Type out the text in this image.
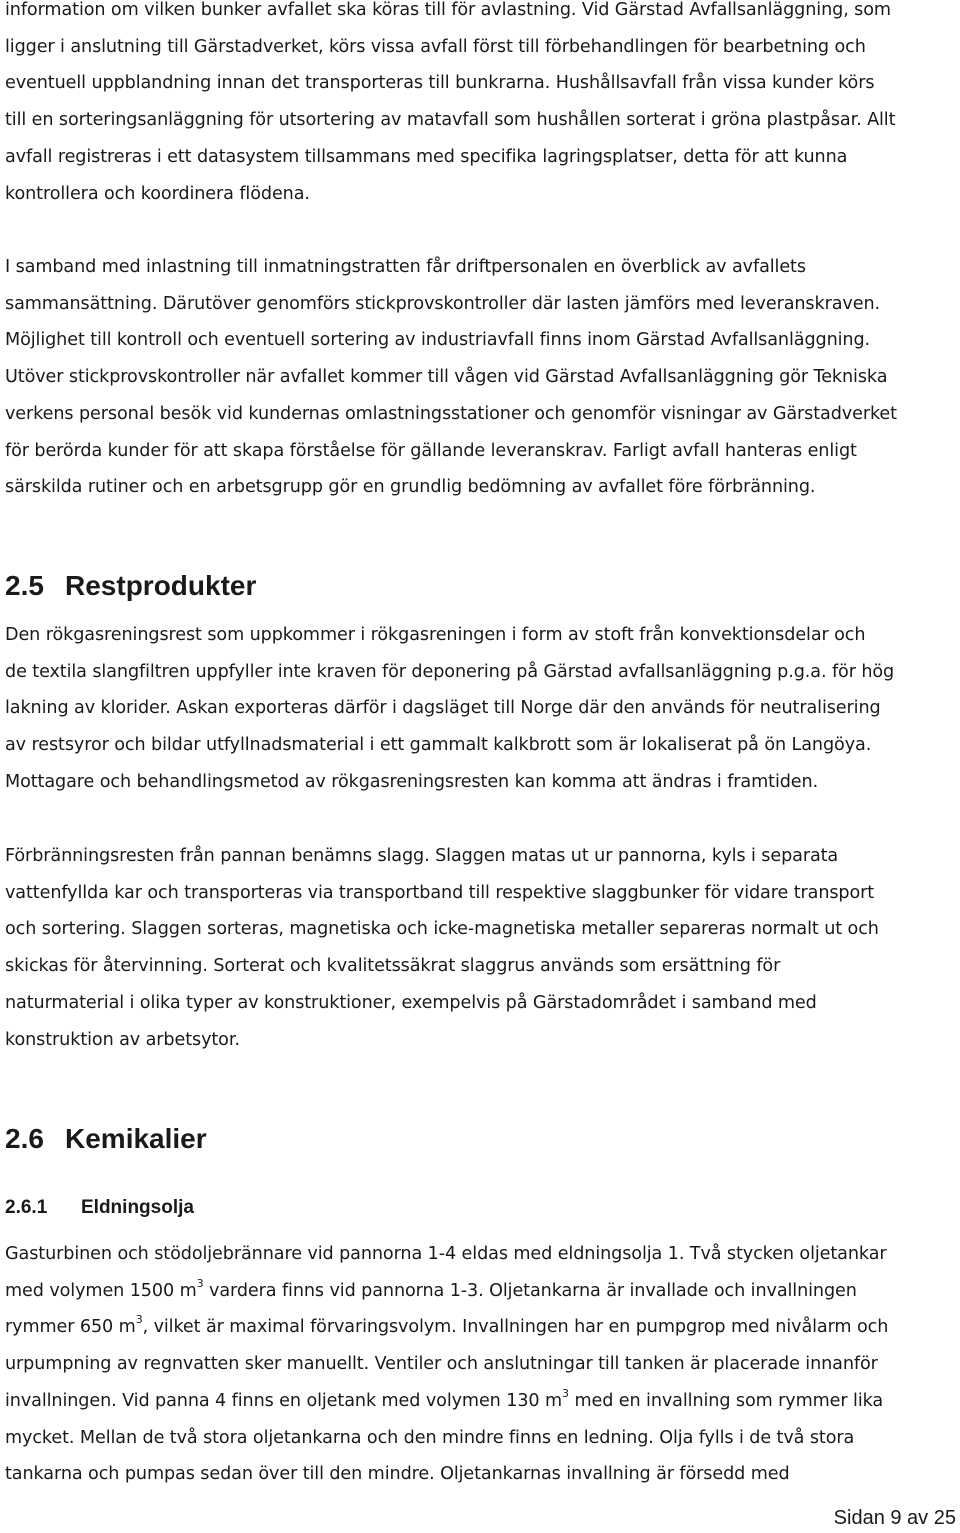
information om vilken bunker avfallet ska köras till för avlastning. Vid Gärstad Avfallsanläggning, som
ligger i anslutning till Gärstadverket, körs vissa avfall först till förbehandlingen för bearbetning och
eventuell uppblandning innan det transporteras till bunkrarna. Hushållsavfall från vissa kunder körs
till en sorteringsanläggning för utsortering av matavfall som hushållen sorterat i gröna plastpåsar. Allt
avfall registreras i ett datasystem tillsammans med specifika lagringsplatser, detta för att kunna
kontrollera och koordinera flödena.
I samband med inlastning till inmatningstratten får driftpersonalen en överblick av avfallets
sammansättning. Därutöver genomförs stickprovskontroller där lasten jämförs med leveranskraven.
Möjlighet till kontroll och eventuell sortering av industriavfall finns inom Gärstad Avfallsanläggning.
Utöver stickprovskontroller när avfallet kommer till vågen vid Gärstad Avfallsanläggning gör Tekniska
verkens personal besök vid kundernas omlastningsstationer och genomför visningar av Gärstadverket
för berörda kunder för att skapa förståelse för gällande leveranskrav. Farligt avfall hanteras enligt
särskilda rutiner och en arbetsgrupp gör en grundlig bedömning av avfallet före förbränning.
2.5 Restprodukter
Den rökgasreningsrest som uppkommer i rökgasreningen i form av stoft från konvektionsdelar och
de textila slangfiltren uppfyller inte kraven för deponering på Gärstad avfallsanläggning p.g.a. för hög
lakning av klorider. Askan exporteras därför i dagsläget till Norge där den används för neutralisering
av restsyror och bildar utfyllnadsmaterial i ett gammalt kalkbrott som är lokaliserat på ön Langöya.
Mottagare och behandlingsmetod av rökgasreningsresten kan komma att ändras i framtiden.
Förbränningsresten från pannan benämns slagg. Slaggen matas ut ur pannorna, kyls i separata
vattenfyllda kar och transporteras via transportband till respektive slaggbunker för vidare transport
och sortering. Slaggen sorteras, magnetiska och icke-magnetiska metaller separeras normalt ut och
skickas för återvinning. Sorterat och kvalitetssäkrat slaggrus används som ersättning för
naturmaterial i olika typer av konstruktioner, exempelvis på Gärstadområdet i samband med
konstruktion av arbetsytor.
2.6 Kemikalier
2.6.1 Eldningsolja
Gasturbinen och stödoljebrännare vid pannorna 1-4 eldas med eldningsolja 1. Två stycken oljetankar
med volymen 1500 $m^3$ vardera finns vid pannorna 1-3. Oljetankarna är invallade och invallningen
rymmer 650 $m^3$, vilket är maximal förvaringsvolym. Invallningen har en pumpgrop med nivålarm och
urpumpning av regnvatten sker manuellt. Ventiler och anslutningar till tanken är placerade innanför
invallningen. Vid panna 4 finns en oljetank med volymen 130 $m^3$ med en invallning som rymmer lika
mycket. Mellan de två stora oljetankarna och den mindre finns en ledning. Olja fylls i de två stora
tankarna och pumpas sedan över till den mindre. Oljetankarnas invallning är försedd med
Sidan 9 av 25
